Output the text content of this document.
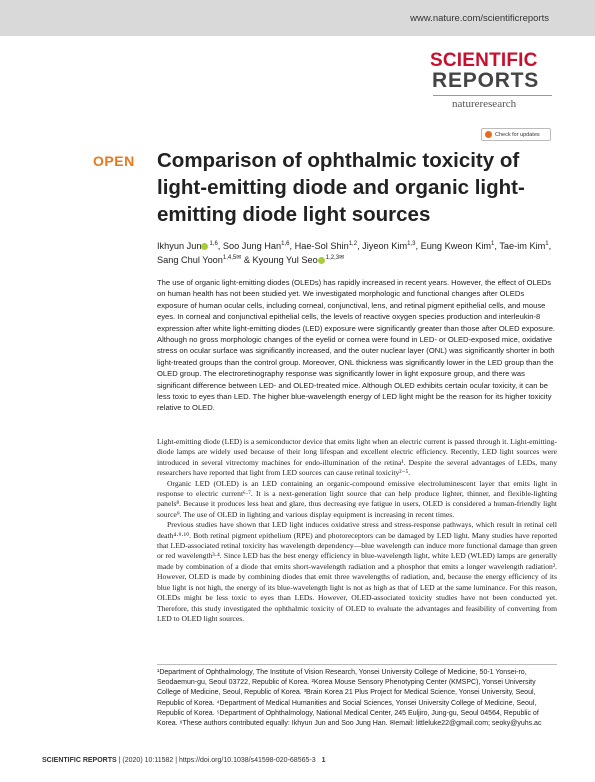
www.nature.com/scientificreports
SCIENTIFIC
REPORTS
natureresearch
Check for updates
OPEN Comparison of ophthalmic toxicity of light-emitting diode and organic light-emitting diode light sources
Ikhyun Jun $^{1,6}$, Soo Jung Han$^{1,6}$, Hae-Sol Shin$^{1,2}$, Jiyeon Kim$^{1,3}$, Eung Kweon Kim$^1$, Tae-im Kim$^1$, Sang Chul Yoon$^{1,4,5✉}$ & Kyoung Yul Seo $^{1,2,3✉}$

The use of organic light-emitting diodes (OLEDs) has rapidly increased in recent years. However, the effect of OLEDs on human health has not been studied yet. We investigated morphologic and functional changes after OLEDs exposure of human ocular cells, including corneal, conjunctival, lens, and retinal pigment epithelial cells, and mouse eyes. In corneal and conjunctival epithelial cells, the levels of reactive oxygen species production and interleukin-8 expression after white light-emitting diodes (LED) exposure were significantly greater than those after OLED exposure. Although no gross morphologic changes of the eyelid or cornea were found in LED- or OLED-exposed mice, oxidative stress on ocular surface was significantly increased, and the outer nuclear layer (ONL) was significantly shorter in both light-treated groups than the control group. Moreover, ONL thickness was significantly lower in the LED group than the OLED group. The electroretinography response was significantly lower in light exposure group, and there was significant difference between LED- and OLED-treated mice. Although OLED exhibits certain ocular toxicity, it can be less toxic to eyes than LED. The higher blue-wavelength energy of LED light might be the reason for its higher toxicity relative to OLED.

Light-emitting diode (LED) is a semiconductor device that emits light when an electric current is passed through it. Light-emitting-diode lamps are widely used because of their long lifespan and excellent electric efficiency. Recently, LED light sources were introduced in several vitrectomy machines for endo-illumination of the retina¹. Despite the several advantages of LEDs, many researchers have reported that light from LED sources can cause retinal toxicity²⁻⁵.

Organic LED (OLED) is an LED containing an organic-compound emissive electroluminescent layer that emits light in response to electric current⁶·⁷. It is a next-generation light source that can help produce lighter, thinner, and flexible-lighting panels⁸. Because it produces less heat and glare, thus decreasing eye fatigue in users, OLED is considered a human-friendly light source⁹. The use of OLED in lighting and various display equipment is increasing in recent times.

Previous studies have shown that LED light induces oxidative stress and stress-response pathways, which result in retinal cell death⁴·⁹·¹⁰. Both retinal pigment epithelium (RPE) and photoreceptors can be damaged by LED light. Many studies have reported that LED-associated retinal toxicity has wavelength dependency—blue wavelength can induce more functional damage than green or red wavelength³·⁴. Since LED has the best energy efficiency in blue-wavelength light, white LED (WLED) lamps are generally made by combination of a diode that emits short-wavelength radiation and a phosphor that emits a longer wavelength radiation². However, OLED is made by combining diodes that emit three wavelengths of radiation, and, because the energy efficiency of its blue light is not high, the energy of its blue-wavelength light is not as high as that of LED at the same luminance. For this reason, OLEDs might be less toxic to eyes than LEDs. However, OLED-associated toxicity studies have not been conducted yet. Therefore, this study investigated the ophthalmic toxicity of OLED to evaluate the advantages and feasibility of converting from LED to OLED light sources.

¹Department of Ophthalmology, The Institute of Vision Research, Yonsei University College of Medicine, 50-1 Yonsei-ro, Seodaemun-gu, Seoul 03722, Republic of Korea. ²Korea Mouse Sensory Phenotyping Center (KMSPC), Yonsei University College of Medicine, Seoul, Republic of Korea. ³Brain Korea 21 Plus Project for Medical Science, Yonsei University, Seoul, Republic of Korea. ⁴Department of Medical Humanities and Social Sciences, Yonsei University College of Medicine, Seoul, Republic of Korea. ⁵Department of Ophthalmology, National Medical Center, 245 Euljiro, Jung-gu, Seoul 04564, Republic of Korea. ⁶These authors contributed equally: Ikhyun Jun and Soo Jung Han. ✉email: littleluke22@gmail.com; seoky@yuhs.ac
SCIENTIFIC REPORTS | (2020) 10:11582 | https://doi.org/10.1038/s41598-020-68565-3 1
